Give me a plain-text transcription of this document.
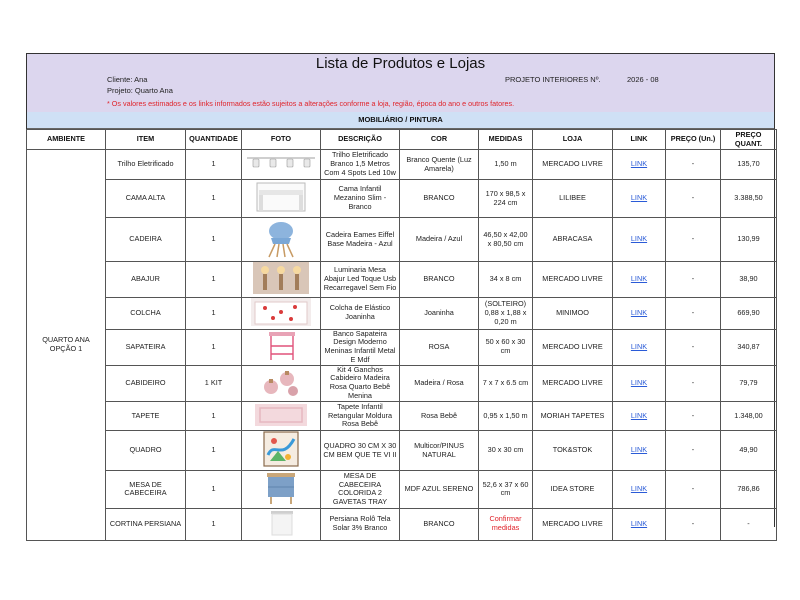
Lista de Produtos e Lojas
Cliente: Ana
Projeto: Quarto Ana
PROJETO INTERIORES Nº.	2026 - 08
* Os valores estimados e os links informados estão sujeitos a alterações conforme a loja, região, época do ano e outros fatores.
MOBILIÁRIO / PINTURA
AMBIENTE	ITEM	QUANTIDADE	FOTO	DESCRIÇÃO	COR	MEDIDAS	LOJA	LINK	PREÇO (Un.)	PREÇO QUANT.
QUARTO ANA OPÇÃO 1	Trilho Eletrificado	1		Trilho Eletrificado Branco 1,5 Metros Com 4 Spots Led 10w	Branco Quente (Luz Amarela)	1,50 m	MERCADO LIVRE	LINK	-	135,70
	CAMA ALTA	1		Cama Infantil Mezanino Slim - Branco	BRANCO	170 x 98,5 x 224 cm	LILIBEE	LINK	-	3.388,50
	CADEIRA	1		Cadeira Eames Eiffel Base Madeira - Azul	Madeira / Azul	46,50 x 42,00 x 80,50 cm	ABRACASA	LINK	-	130,99
	ABAJUR	1		Luminaria Mesa Abajur Led Toque Usb Recarregavel Sem Fio	BRANCO	34 x 8 cm	MERCADO LIVRE	LINK	-	38,90
	COLCHA	1		Colcha de Elástico Joaninha	Joaninha	(SOLTEIRO) 0,88 x 1,88 x 0,20 m	MINIMOO	LINK	-	669,90
	SAPATEIRA	1		Banco Sapateira Design Moderno Meninas Infantil Metal E Mdf	ROSA	50 x 60 x 30 cm	MERCADO LIVRE	LINK	-	340,87
	CABIDEIRO	1 KIT		Kit 4 Ganchos Cabideiro Madeira Rosa Quarto Bebê Menina	Madeira / Rosa	7 x 7 x 6.5 cm	MERCADO LIVRE	LINK	-	79,79
	TAPETE	1		Tapete Infantil Retangular Moldura Rosa Bebê	Rosa Bebê	0,95 x 1,50 m	MORIAH TAPETES	LINK	-	1.348,00
	QUADRO	1		QUADRO 30 CM X 30 CM BEM QUE TE VI II	Multicor/PINUS NATURAL	30 x 30 cm	TOK&STOK	LINK	-	49,90
	MESA DE CABECEIRA	1		MESA DE CABECEIRA COLORIDA 2 GAVETAS TRAY	MDF AZUL SERENO	52,6 x 37 x 60 cm	IDEA STORE	LINK	-	786,86
	CORTINA PERSIANA	1		Persiana Rolô Tela Solar 3% Branco	BRANCO	Confirmar medidas	MERCADO LIVRE	LINK	-	-
